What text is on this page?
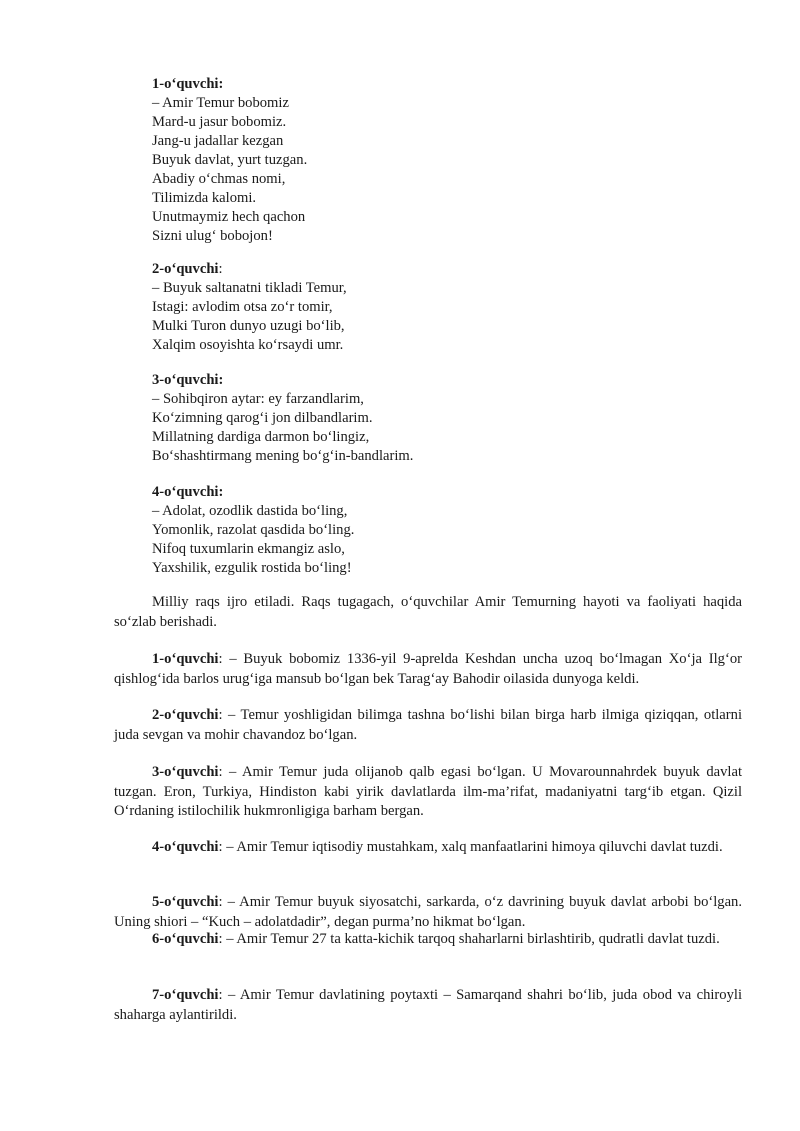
1-o‘quvchi:
– Amir Temur bobomiz
Mard-u jasur bobomiz.
Jang-u jadallar kezgan
Buyuk davlat, yurt tuzgan.
Abadiy o‘chmas nomi,
Tilimizda kalomi.
Unutmaymiz hech qachon
Sizni ulug‘ bobojon!
2-o‘quvchi:
– Buyuk saltanatni tikladi Temur,
Istagi: avlodim otsa zo‘r tomir,
Mulki Turon dunyo uzugi bo‘lib,
Xalqim osoyishta ko‘rsaydi umr.
3-o‘quvchi:
– Sohibqiron aytar: ey farzandlarim,
Ko‘zimning qarog‘i jon dilbandlarim.
Millatning dardiga darmon bo‘lingiz,
Bo‘shashtirmang mening bo‘g‘in-bandlarim.
4-o‘quvchi:
– Adolat, ozodlik dastida bo‘ling,
Yomonlik, razolat qasdida bo‘ling.
Nifoq tuxumlarin ekmangiz aslo,
Yaxshilik, ezgulik rostida bo‘ling!

Milliy raqs ijro etiladi. Raqs tugagach, o‘quvchilar Amir Temurning hayoti va faoliyati haqida so‘zlab berishadi.

1-o‘quvchi: – Buyuk bobomiz 1336-yil 9-aprelda Keshdan uncha uzoq bo‘lmagan Xo‘ja Ilg‘or qishlog‘ida barlos urug‘iga mansub bo‘lgan bek Tarag‘ay Bahodir oilasida dunyoga keldi.

2-o‘quvchi: – Temur yoshligidan bilimga tashna bo‘lishi bilan birga harb ilmiga qiziqqan, otlarni juda sevgan va mohir chavandoz bo‘lgan.

3-o‘quvchi: – Amir Temur juda olijanob qalb egasi bo‘lgan. U Movarounnahrdek buyuk davlat tuzgan. Eron, Turkiya, Hindiston kabi yirik davlatlarda ilm-ma’rifat, madaniyatni targ‘ib etgan. Qizil O‘rdaning istilochilik hukmronligiga barham bergan.

4-o‘quvchi: – Amir Temur iqtisodiy mustahkam, xalq manfaatlarini himoya qiluvchi davlat tuzdi.

5-o‘quvchi: – Amir Temur buyuk siyosatchi, sarkarda, o‘z davrining buyuk davlat arbobi bo‘lgan. Uning shiori – “Kuch – adolatdadir”, degan purma’no hikmat bo‘lgan.

6-o‘quvchi: – Amir Temur 27 ta katta-kichik tarqoq shaharlarni birlashtirib, qudratli davlat tuzdi.

7-o‘quvchi: – Amir Temur davlatining poytaxti – Samarqand shahri bo‘lib, juda obod va chiroyli shaharga aylantirildi.
